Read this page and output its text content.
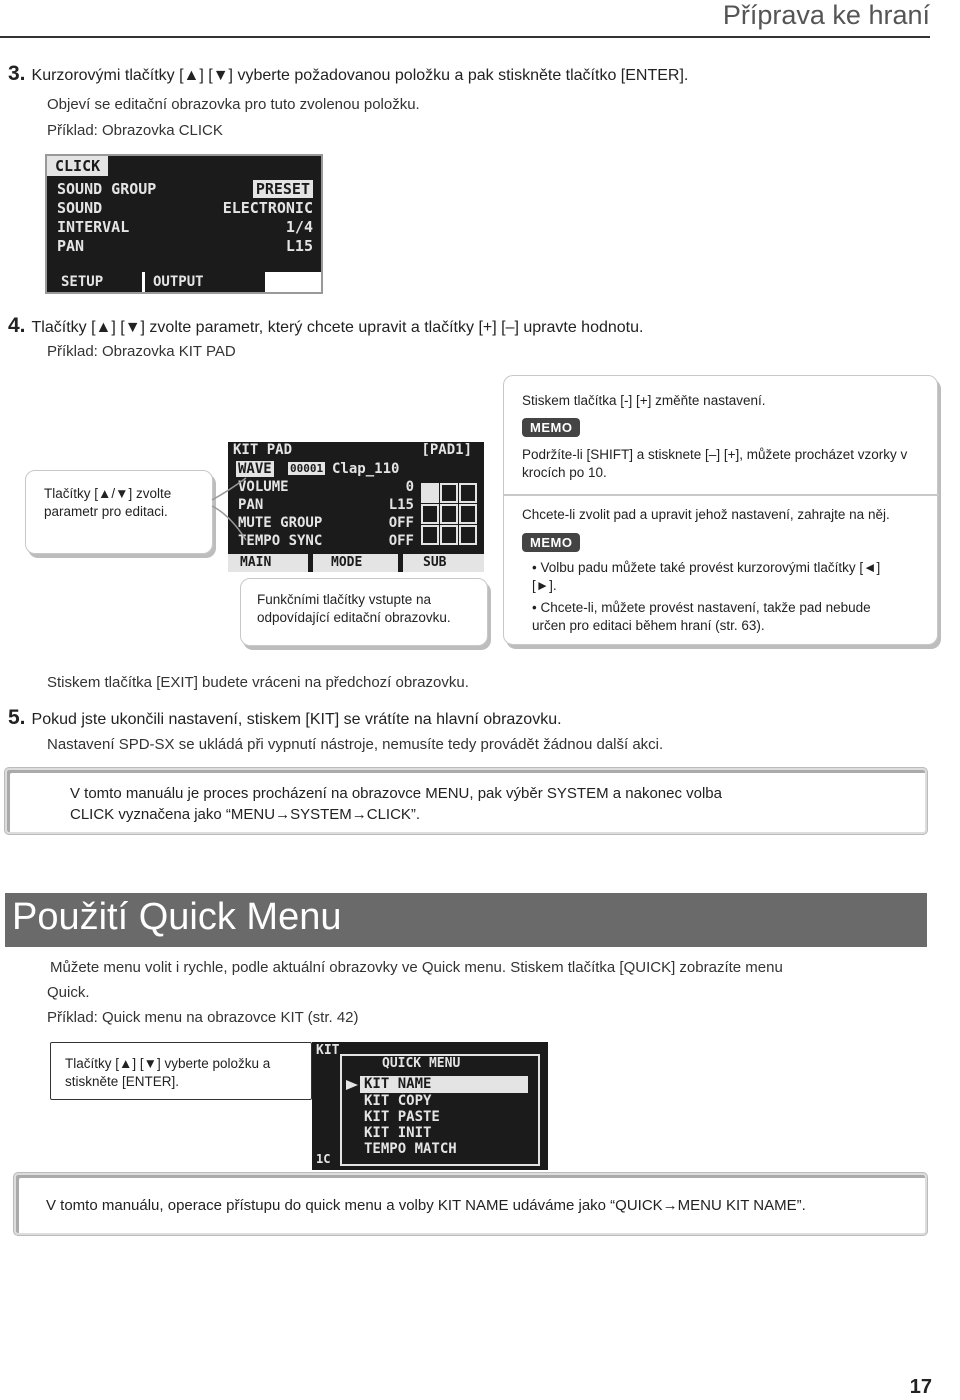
Příprava ke hraní
3. Kurzorovými tlačítky [▲] [▼] vyberte požadovanou položku a pak stiskněte tlačítko [ENTER].
Objeví se editační obrazovka pro tuto zvolenou položku.
Příklad: Obrazovka CLICK
CLICK
SOUND GROUP	PRESET
SOUND	ELECTRONIC
INTERVAL	1/4
PAN	L15
SETUP	OUTPUT
4. Tlačítky [▲] [▼] zvolte parametr, který chcete upravit a tlačítky [+] [–] upravte hodnotu.
Příklad: Obrazovka KIT PAD
Tlačítky [▲/▼] zvolte parametr pro editaci.
Funkčními tlačítky vstupte na odpovídající editační obrazovku.
KIT PAD	[PAD1]
WAVE 00001 Clap_110
VOLUME	0
PAN	L15
MUTE GROUP	OFF
TEMPO SYNC	OFF
MAIN	MODE	SUB
Stiskem tlačítka [-] [+] změňte nastavení.
MEMO
Podržíte-li [SHIFT] a stisknete [–] [+], můžete procházet vzorky v krocích po 10.
Chcete-li zvolit pad a upravit jehož nastavení, zahrajte na něj.
MEMO
• Volbu padu můžete také provést kurzorovými tlačítky [◄][►].
• Chcete-li, můžete provést nastavení, takže pad nebude určen pro editaci během hraní (str. 63).
Stiskem tlačítka [EXIT] budete vráceni na předchozí obrazovku.
5. Pokud jste ukončili nastavení, stiskem [KIT] se vrátíte na hlavní obrazovku.
Nastavení SPD-SX se ukládá při vypnutí nástroje, nemusíte tedy provádět žádnou další akci.
V tomto manuálu je proces procházení na obrazovce MENU, pak výběr SYSTEM a nakonec volba
CLICK vyznačena jako “MENU→SYSTEM→CLICK”.
Použití Quick Menu
Můžete menu volit i rychle, podle aktuální obrazovky ve Quick menu. Stiskem tlačítka [QUICK] zobrazíte menu
Quick.
Příklad: Quick menu na obrazovce KIT (str. 42)
Tlačítky [▲] [▼] vyberte položku a stiskněte [ENTER].
KIT
1C
QUICK MENU
KIT NAME
KIT COPY
KIT PASTE
KIT INIT
TEMPO MATCH
V tomto manuálu, operace přístupu do quick menu a volby KIT NAME udáváme jako “QUICK→MENU KIT NAME”.
17
